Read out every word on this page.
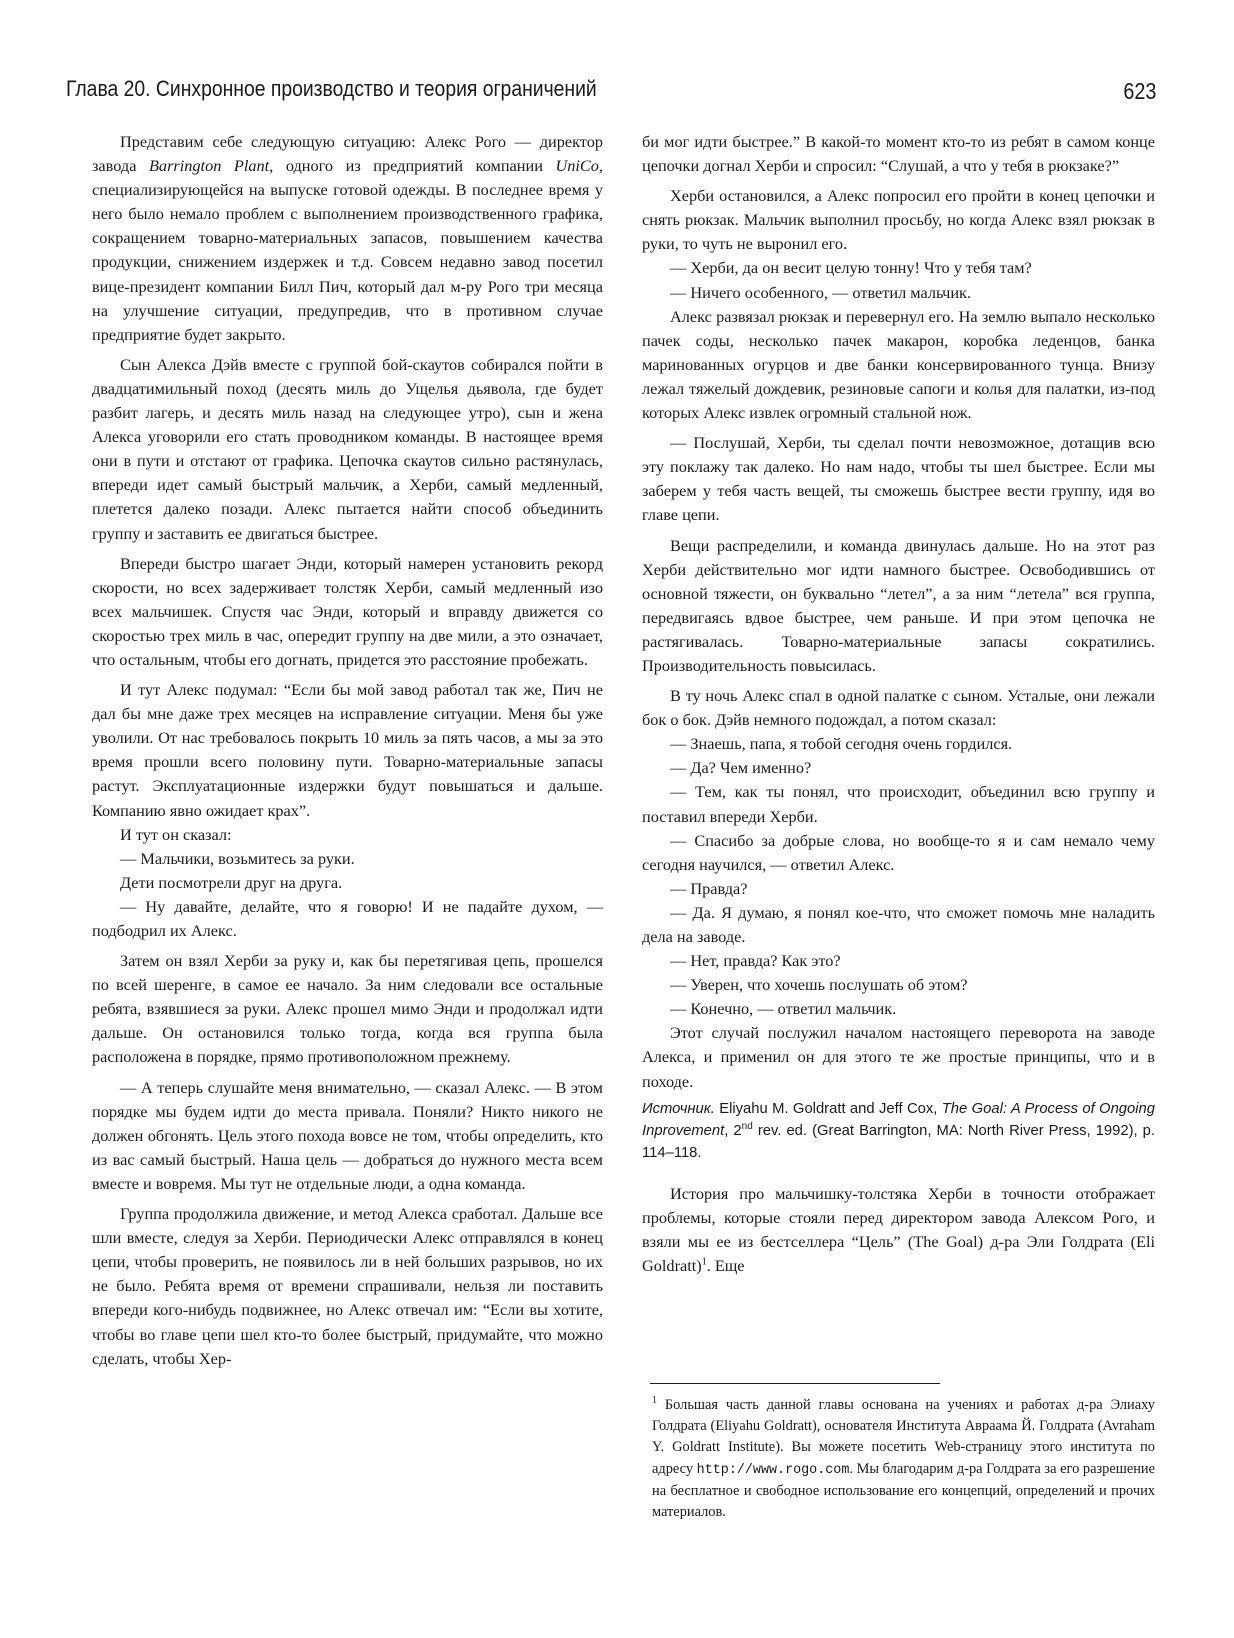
Глава 20. Синхронное производство и теория ограничений	623

Представим себе следующую ситуацию: Алекс Рого — директор завода Barrington Plant, одного из предприятий компании UniCo, специализирующейся на выпуске готовой одежды. В последнее время у него было немало проблем с выполнением производственного графика, сокращением товарно-материальных запасов, повышением качества продукции, снижением издержек и т.д. Совсем недавно завод посетил вице-президент компании Билл Пич, который дал м-ру Рого три месяца на улучшение ситуации, предупредив, что в противном случае предприятие будет закрыто.

Сын Алекса Дэйв вместе с группой бой-скаутов собирался пойти в двадцатимильный поход (десять миль до Ущелья дьявола, где будет разбит лагерь, и десять миль назад на следующее утро), сын и жена Алекса уговорили его стать проводником команды. В настоящее время они в пути и отстают от графика. Цепочка скаутов сильно растянулась, впереди идет самый быстрый мальчик, а Херби, самый медленный, плетется далеко позади. Алекс пытается найти способ объединить группу и заставить ее двигаться быстрее.

Впереди быстро шагает Энди, который намерен установить рекорд скорости, но всех задерживает толстяк Херби, самый медленный изо всех мальчишек. Спустя час Энди, который и вправду движется со скоростью трех миль в час, опередит группу на две мили, а это означает, что остальным, чтобы его догнать, придется это расстояние пробежать.

И тут Алекс подумал: “Если бы мой завод работал так же, Пич не дал бы мне даже трех месяцев на исправление ситуации. Меня бы уже уволили. От нас требовалось покрыть 10 миль за пять часов, а мы за это время прошли всего половину пути. Товарно-материальные запасы растут. Эксплуатационные издержки будут повышаться и дальше. Компанию явно ожидает крах”.

И тут он сказал:

— Мальчики, возьмитесь за руки.

Дети посмотрели друг на друга.

— Ну давайте, делайте, что я говорю! И не падайте духом, — подбодрил их Алекс.

Затем он взял Херби за руку и, как бы перетягивая цепь, прошелся по всей шеренге, в самое ее начало. За ним следовали все остальные ребята, взявшиеся за руки. Алекс прошел мимо Энди и продолжал идти дальше. Он остановился только тогда, когда вся группа была расположена в порядке, прямо противоположном прежнему.

— А теперь слушайте меня внимательно, — сказал Алекс. — В этом порядке мы будем идти до места привала. Поняли? Никто никого не должен обгонять. Цель этого похода вовсе не том, чтобы определить, кто из вас самый быстрый. Наша цель — добраться до нужного места всем вместе и вовремя. Мы тут не отдельные люди, а одна команда.

Группа продолжила движение, и метод Алекса сработал. Дальше все шли вместе, следуя за Херби. Периодически Алекс отправлялся в конец цепи, чтобы проверить, не появилось ли в ней больших разрывов, но их не было. Ребята время от времени спрашивали, нельзя ли поставить впереди кого-нибудь подвижнее, но Алекс отвечал им: “Если вы хотите, чтобы во главе цепи шел кто-то более быстрый, придумайте, что можно сделать, чтобы Хер-

би мог идти быстрее.” В какой-то момент кто-то из ребят в самом конце цепочки догнал Херби и спросил: “Слушай, а что у тебя в рюкзаке?”

Херби остановился, а Алекс попросил его пройти в конец цепочки и снять рюкзак. Мальчик выполнил просьбу, но когда Алекс взял рюкзак в руки, то чуть не выронил его.

— Херби, да он весит целую тонну! Что у тебя там?

— Ничего особенного, — ответил мальчик.

Алекс развязал рюкзак и перевернул его. На землю выпало несколько пачек соды, несколько пачек макарон, коробка леденцов, банка маринованных огурцов и две банки консервированного тунца. Внизу лежал тяжелый дождевик, резиновые сапоги и колья для палатки, из-под которых Алекс извлек огромный стальной нож.

— Послушай, Херби, ты сделал почти невозможное, дотащив всю эту поклажу так далеко. Но нам надо, чтобы ты шел быстрее. Если мы заберем у тебя часть вещей, ты сможешь быстрее вести группу, идя во главе цепи.

Вещи распределили, и команда двинулась дальше. Но на этот раз Херби действительно мог идти намного быстрее. Освободившись от основной тяжести, он буквально “летел”, а за ним “летела” вся группа, передвигаясь вдвое быстрее, чем раньше. И при этом цепочка не растягивалась. Товарно-материальные запасы сократились. Производительность повысилась.

В ту ночь Алекс спал в одной палатке с сыном. Усталые, они лежали бок о бок. Дэйв немного подождал, а потом сказал:

— Знаешь, папа, я тобой сегодня очень гордился.

— Да? Чем именно?

— Тем, как ты понял, что происходит, объединил всю группу и поставил впереди Херби.

— Спасибо за добрые слова, но вообще-то я и сам немало чему сегодня научился, — ответил Алекс.

— Правда?

— Да. Я думаю, я понял кое-что, что сможет помочь мне наладить дела на заводе.

— Нет, правда? Как это?

— Уверен, что хочешь послушать об этом?

— Конечно, — ответил мальчик.

Этот случай послужил началом настоящего переворота на заводе Алекса, и применил он для этого те же простые принципы, что и в походе.

Источник. Eliyahu M. Goldratt and Jeff Cox, The Goal: A Process of Ongoing Inprovement, 2nd rev. ed. (Great Barrington, MA: North River Press, 1992), p. 114–118.

История про мальчишку-толстяка Херби в точности отображает проблемы, которые стояли перед директором завода Алексом Рого, и взяли мы ее из бестселлера “Цель” (The Goal) д-ра Эли Голдрата (Eli Goldratt)$^1$. Еще

$^1$ Большая часть данной главы основана на учениях и работах д-ра Элиаху Голдрата (Eliyahu Goldratt), основателя Института Авраама Й. Голдрата (Avraham Y. Goldratt Institute). Вы можете посетить Web-страницу этого института по адресу http://www.rogo.com. Мы благодарим д-ра Голдрата за его разрешение на бесплатное и свободное использование его концепций, определений и прочих материалов.
